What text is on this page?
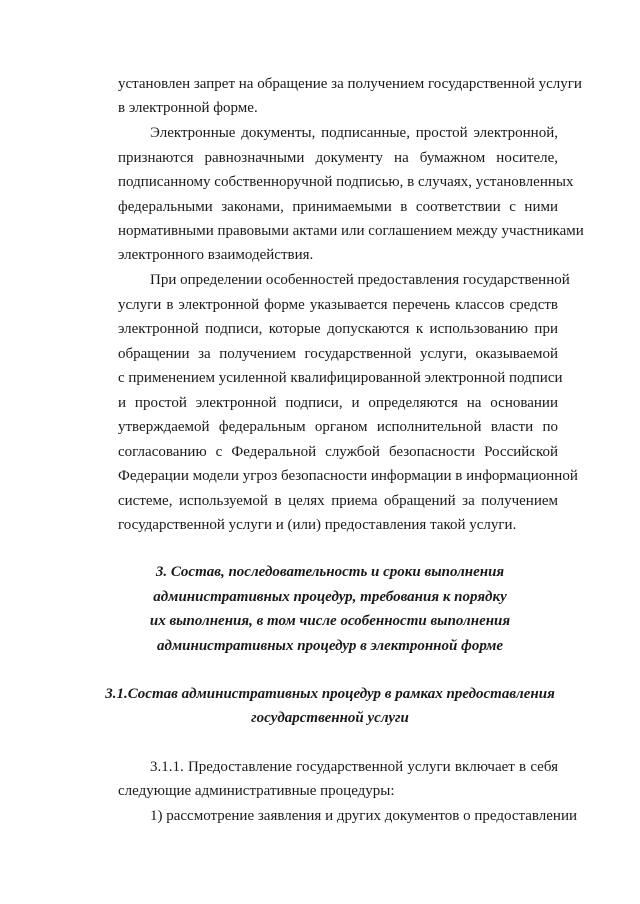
установлен запрет на обращение за получением государственной услуги
в электронной форме.
Электронные документы, подписанные, простой электронной,
признаются равнозначными документу на бумажном носителе,
подписанному собственноручной подписью, в случаях, установленных
федеральными законами, принимаемыми в соответствии с ними
нормативными правовыми актами или соглашением между участниками
электронного взаимодействия.
При определении особенностей предоставления государственной
услуги в электронной форме указывается перечень классов средств
электронной подписи, которые допускаются к использованию при
обращении за получением государственной услуги, оказываемой
с применением усиленной квалифицированной электронной подписи
и простой электронной подписи, и определяются на основании
утверждаемой федеральным органом исполнительной власти по
согласованию с Федеральной службой безопасности Российской
Федерации модели угроз безопасности информации в информационной
системе, используемой в целях приема обращений за получением
государственной услуги и (или) предоставления такой услуги.
3. Состав, последовательность и сроки выполнения
административных процедур, требования к порядку
их выполнения, в том числе особенности выполнения
административных процедур в электронной форме
3.1.Состав административных процедур в рамках предоставления
государственной услуги
3.1.1. Предоставление государственной услуги включает в себя
следующие административные процедуры:
1) рассмотрение заявления и других документов о предоставлении
